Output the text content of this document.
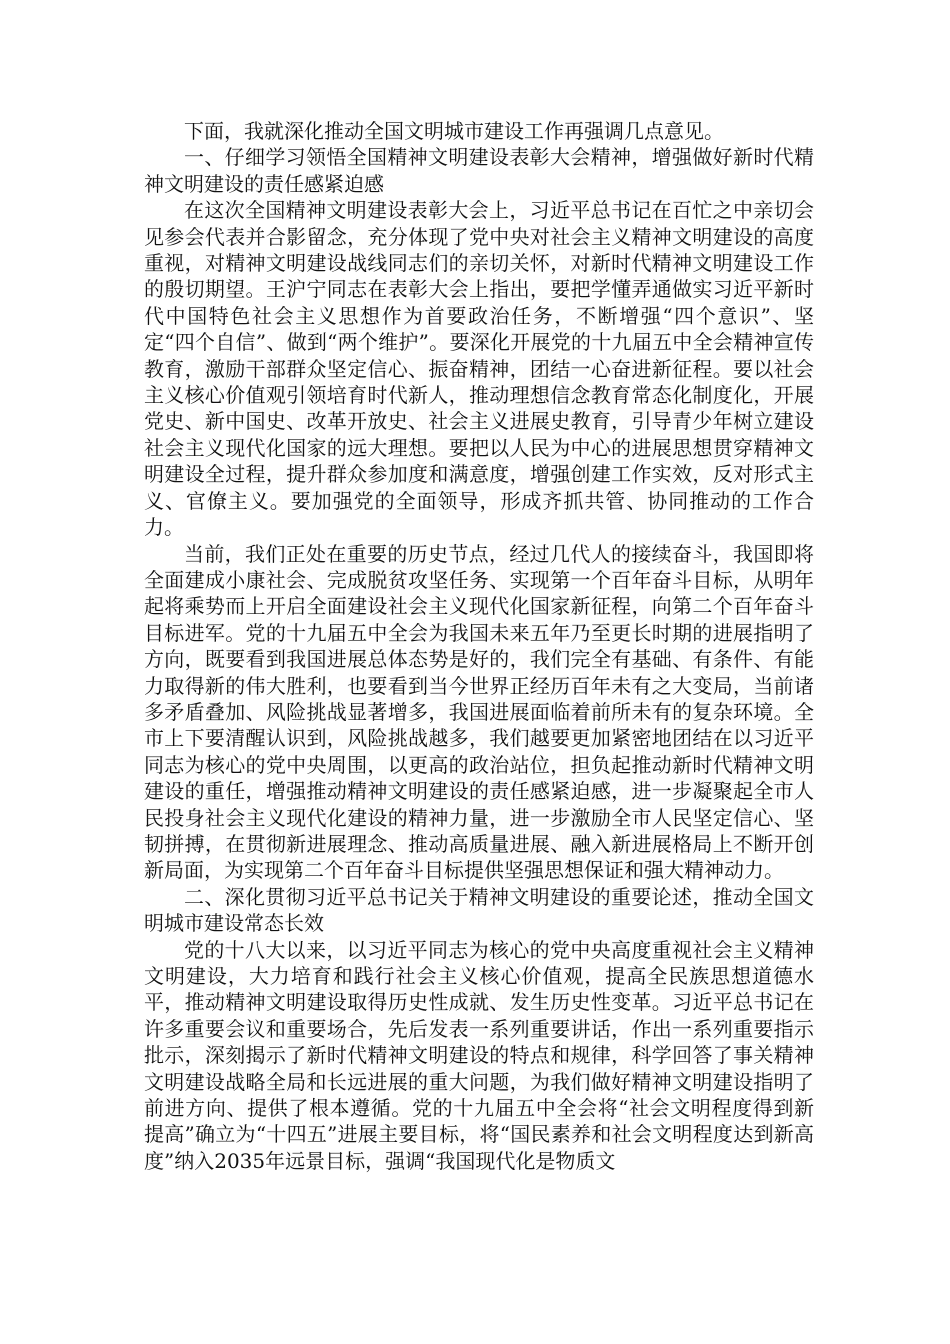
下面，我就深化推动全国文明城市建设工作再强调几点意见。

一、仔细学习领悟全国精神文明建设表彰大会精神，增强做好新时代精神文明建设的责任感紧迫感

在这次全国精神文明建设表彰大会上，习近平总书记在百忙之中亲切会见参会代表并合影留念，充分体现了党中央对社会主义精神文明建设的高度重视，对精神文明建设战线同志们的亲切关怀，对新时代精神文明建设工作的殷切期望。王沪宁同志在表彰大会上指出，要把学懂弄通做实习近平新时代中国特色社会主义思想作为首要政治任务，不断增强“四个意识”、坚定“四个自信”、做到“两个维护”。要深化开展党的十九届五中全会精神宣传教育，激励干部群众坚定信心、振奋精神，团结一心奋进新征程。要以社会主义核心价值观引领培育时代新人，推动理想信念教育常态化制度化，开展党史、新中国史、改革开放史、社会主义进展史教育，引导青少年树立建设社会主义现代化国家的远大理想。要把以人民为中心的进展思想贯穿精神文明建设全过程，提升群众参加度和满意度，增强创建工作实效，反对形式主义、官僚主义。要加强党的全面领导，形成齐抓共管、协同推动的工作合力。

当前，我们正处在重要的历史节点，经过几代人的接续奋斗，我国即将全面建成小康社会、完成脱贫攻坚任务、实现第一个百年奋斗目标，从明年起将乘势而上开启全面建设社会主义现代化国家新征程，向第二个百年奋斗目标进军。党的十九届五中全会为我国未来五年乃至更长时期的进展指明了方向，既要看到我国进展总体态势是好的，我们完全有基础、有条件、有能力取得新的伟大胜利，也要看到当今世界正经历百年未有之大变局，当前诸多矛盾叠加、风险挑战显著增多，我国进展面临着前所未有的复杂环境。全市上下要清醒认识到，风险挑战越多，我们越要更加紧密地团结在以习近平同志为核心的党中央周围，以更高的政治站位，担负起推动新时代精神文明建设的重任，增强推动精神文明建设的责任感紧迫感，进一步凝聚起全市人民投身社会主义现代化建设的精神力量，进一步激励全市人民坚定信心、坚韧拼搏，在贯彻新进展理念、推动高质量进展、融入新进展格局上不断开创新局面，为实现第二个百年奋斗目标提供坚强思想保证和强大精神动力。

二、深化贯彻习近平总书记关于精神文明建设的重要论述，推动全国文明城市建设常态长效

党的十八大以来，以习近平同志为核心的党中央高度重视社会主义精神文明建设，大力培育和践行社会主义核心价值观，提高全民族思想道德水平，推动精神文明建设取得历史性成就、发生历史性变革。习近平总书记在许多重要会议和重要场合，先后发表一系列重要讲话，作出一系列重要指示批示，深刻揭示了新时代精神文明建设的特点和规律，科学回答了事关精神文明建设战略全局和长远进展的重大问题，为我们做好精神文明建设指明了前进方向、提供了根本遵循。党的十九届五中全会将“社会文明程度得到新提高”确立为“十四五”进展主要目标，将“国民素养和社会文明程度达到新高度”纳入2035年远景目标，强调“我国现代化是物质文
